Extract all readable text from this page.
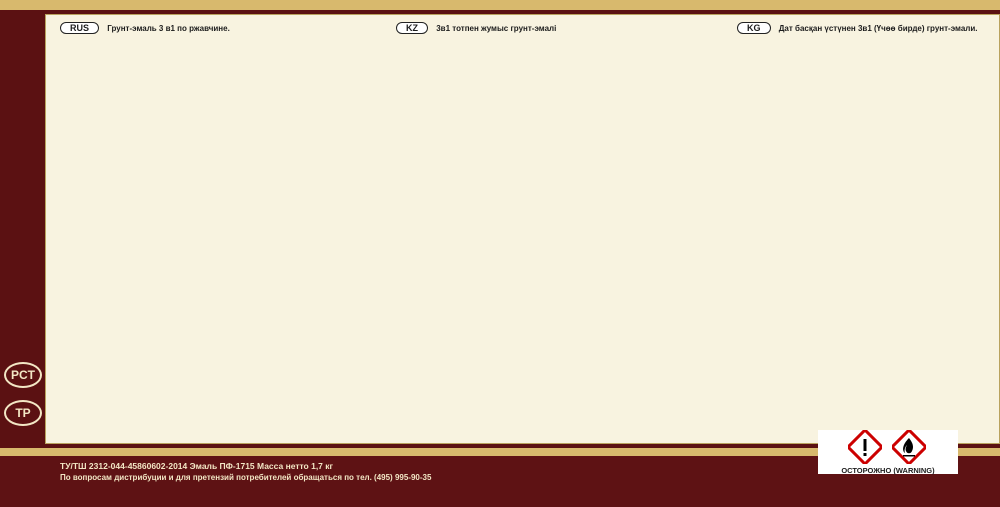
PCT
ТР
RUS Грунт-эмаль 3 в1 по ржавчине.	KZ 3в1 тотпен жумыс грунт-эмалі	KG Дат басқан үстүнен 3в1 (Үчөө бирде) грунт-эмали.
ТУ/ТШ 2312-044-45860602-2014 Эмаль ПФ-1715 Масса нетто 1,7 кг
По вопросам дистрибуции и для претензий потребителей обращаться по тел. (495) 995-90-35
ОСТОРОЖНО (WARNING)
